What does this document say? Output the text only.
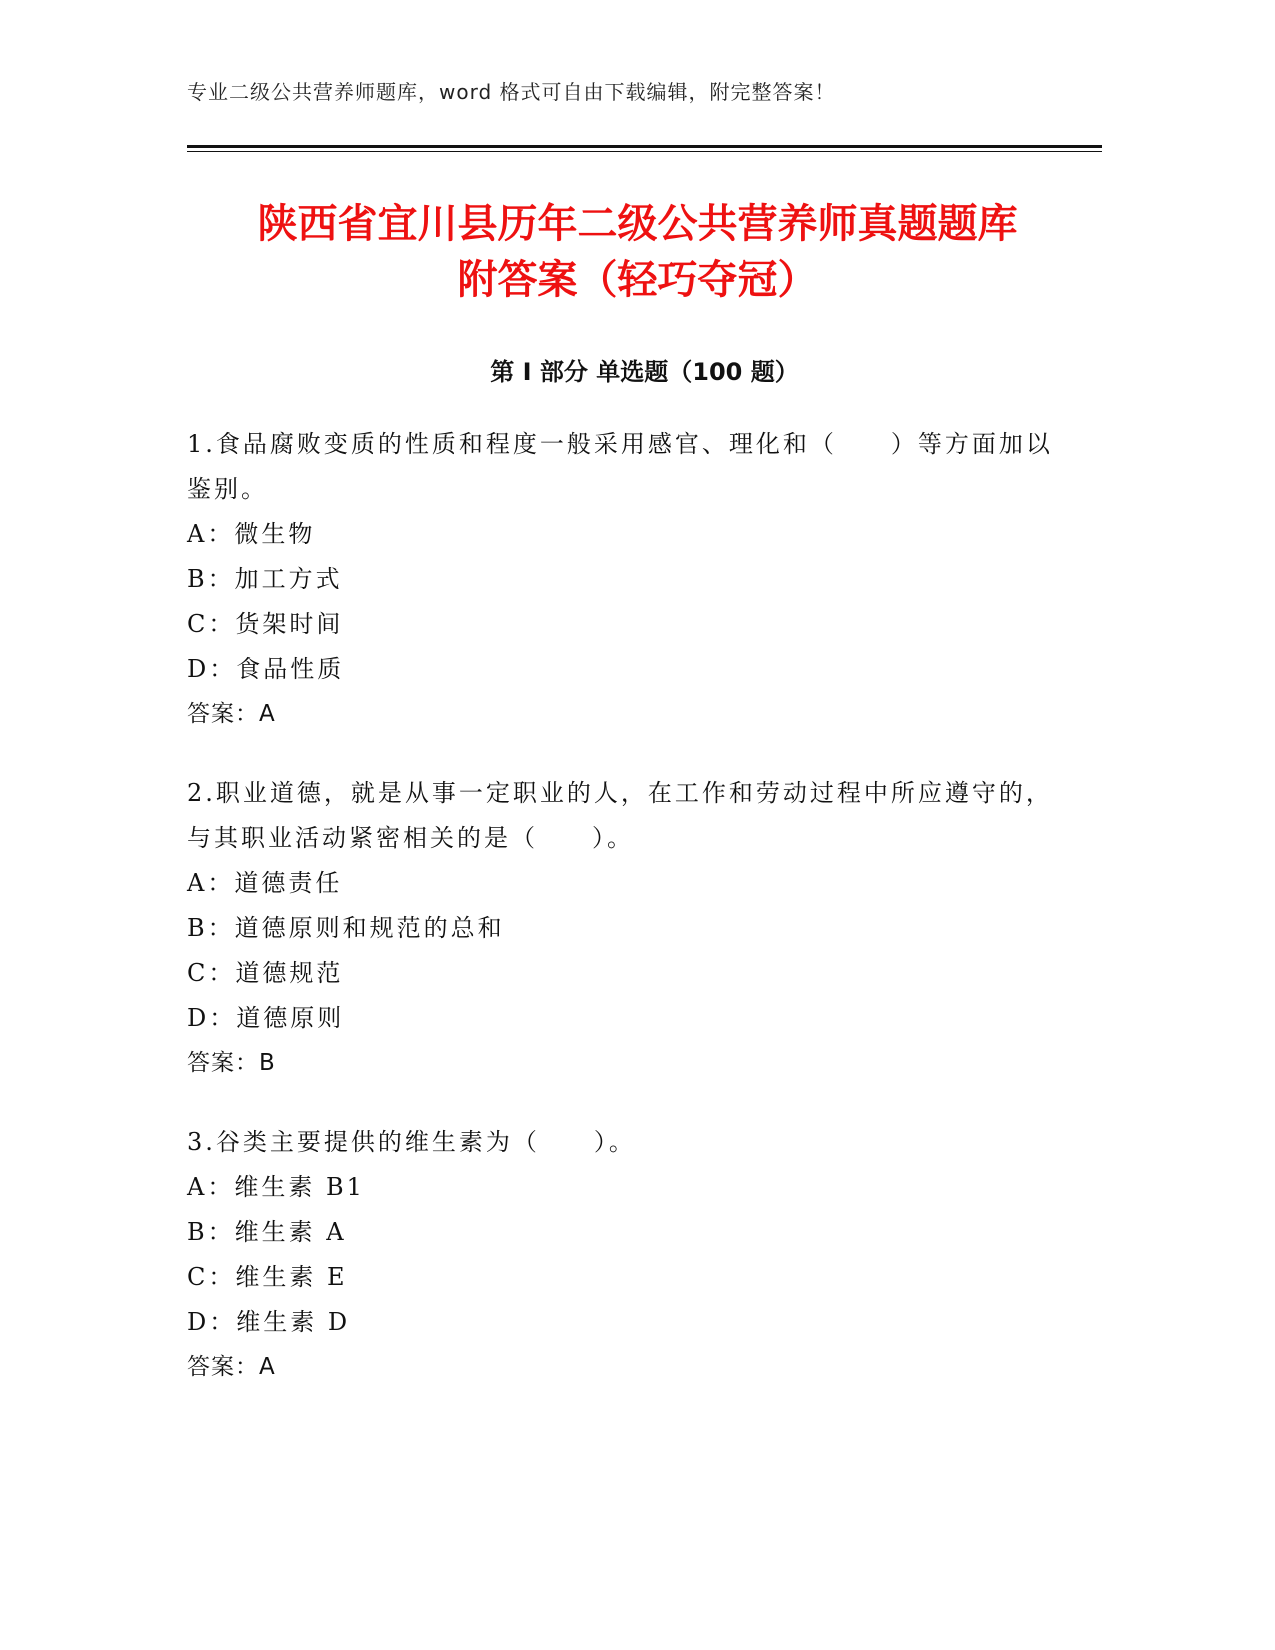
专业二级公共营养师题库，word 格式可自由下载编辑，附完整答案！
陕西省宜川县历年二级公共营养师真题题库
附答案（轻巧夺冠）
第 I 部分 单选题（100 题）

1.食品腐败变质的性质和程度一般采用感官、理化和（　　）等方面加以鉴别。

A：微生物

B：加工方式

C：货架时间

D：食品性质

答案：A

2.职业道德，就是从事一定职业的人，在工作和劳动过程中所应遵守的，与其职业活动紧密相关的是（　　）。

A：道德责任

B：道德原则和规范的总和

C：道德规范

D：道德原则

答案：B

3.谷类主要提供的维生素为（　　）。

A：维生素 B1

B：维生素 A

C：维生素 E

D：维生素 D

答案：A
